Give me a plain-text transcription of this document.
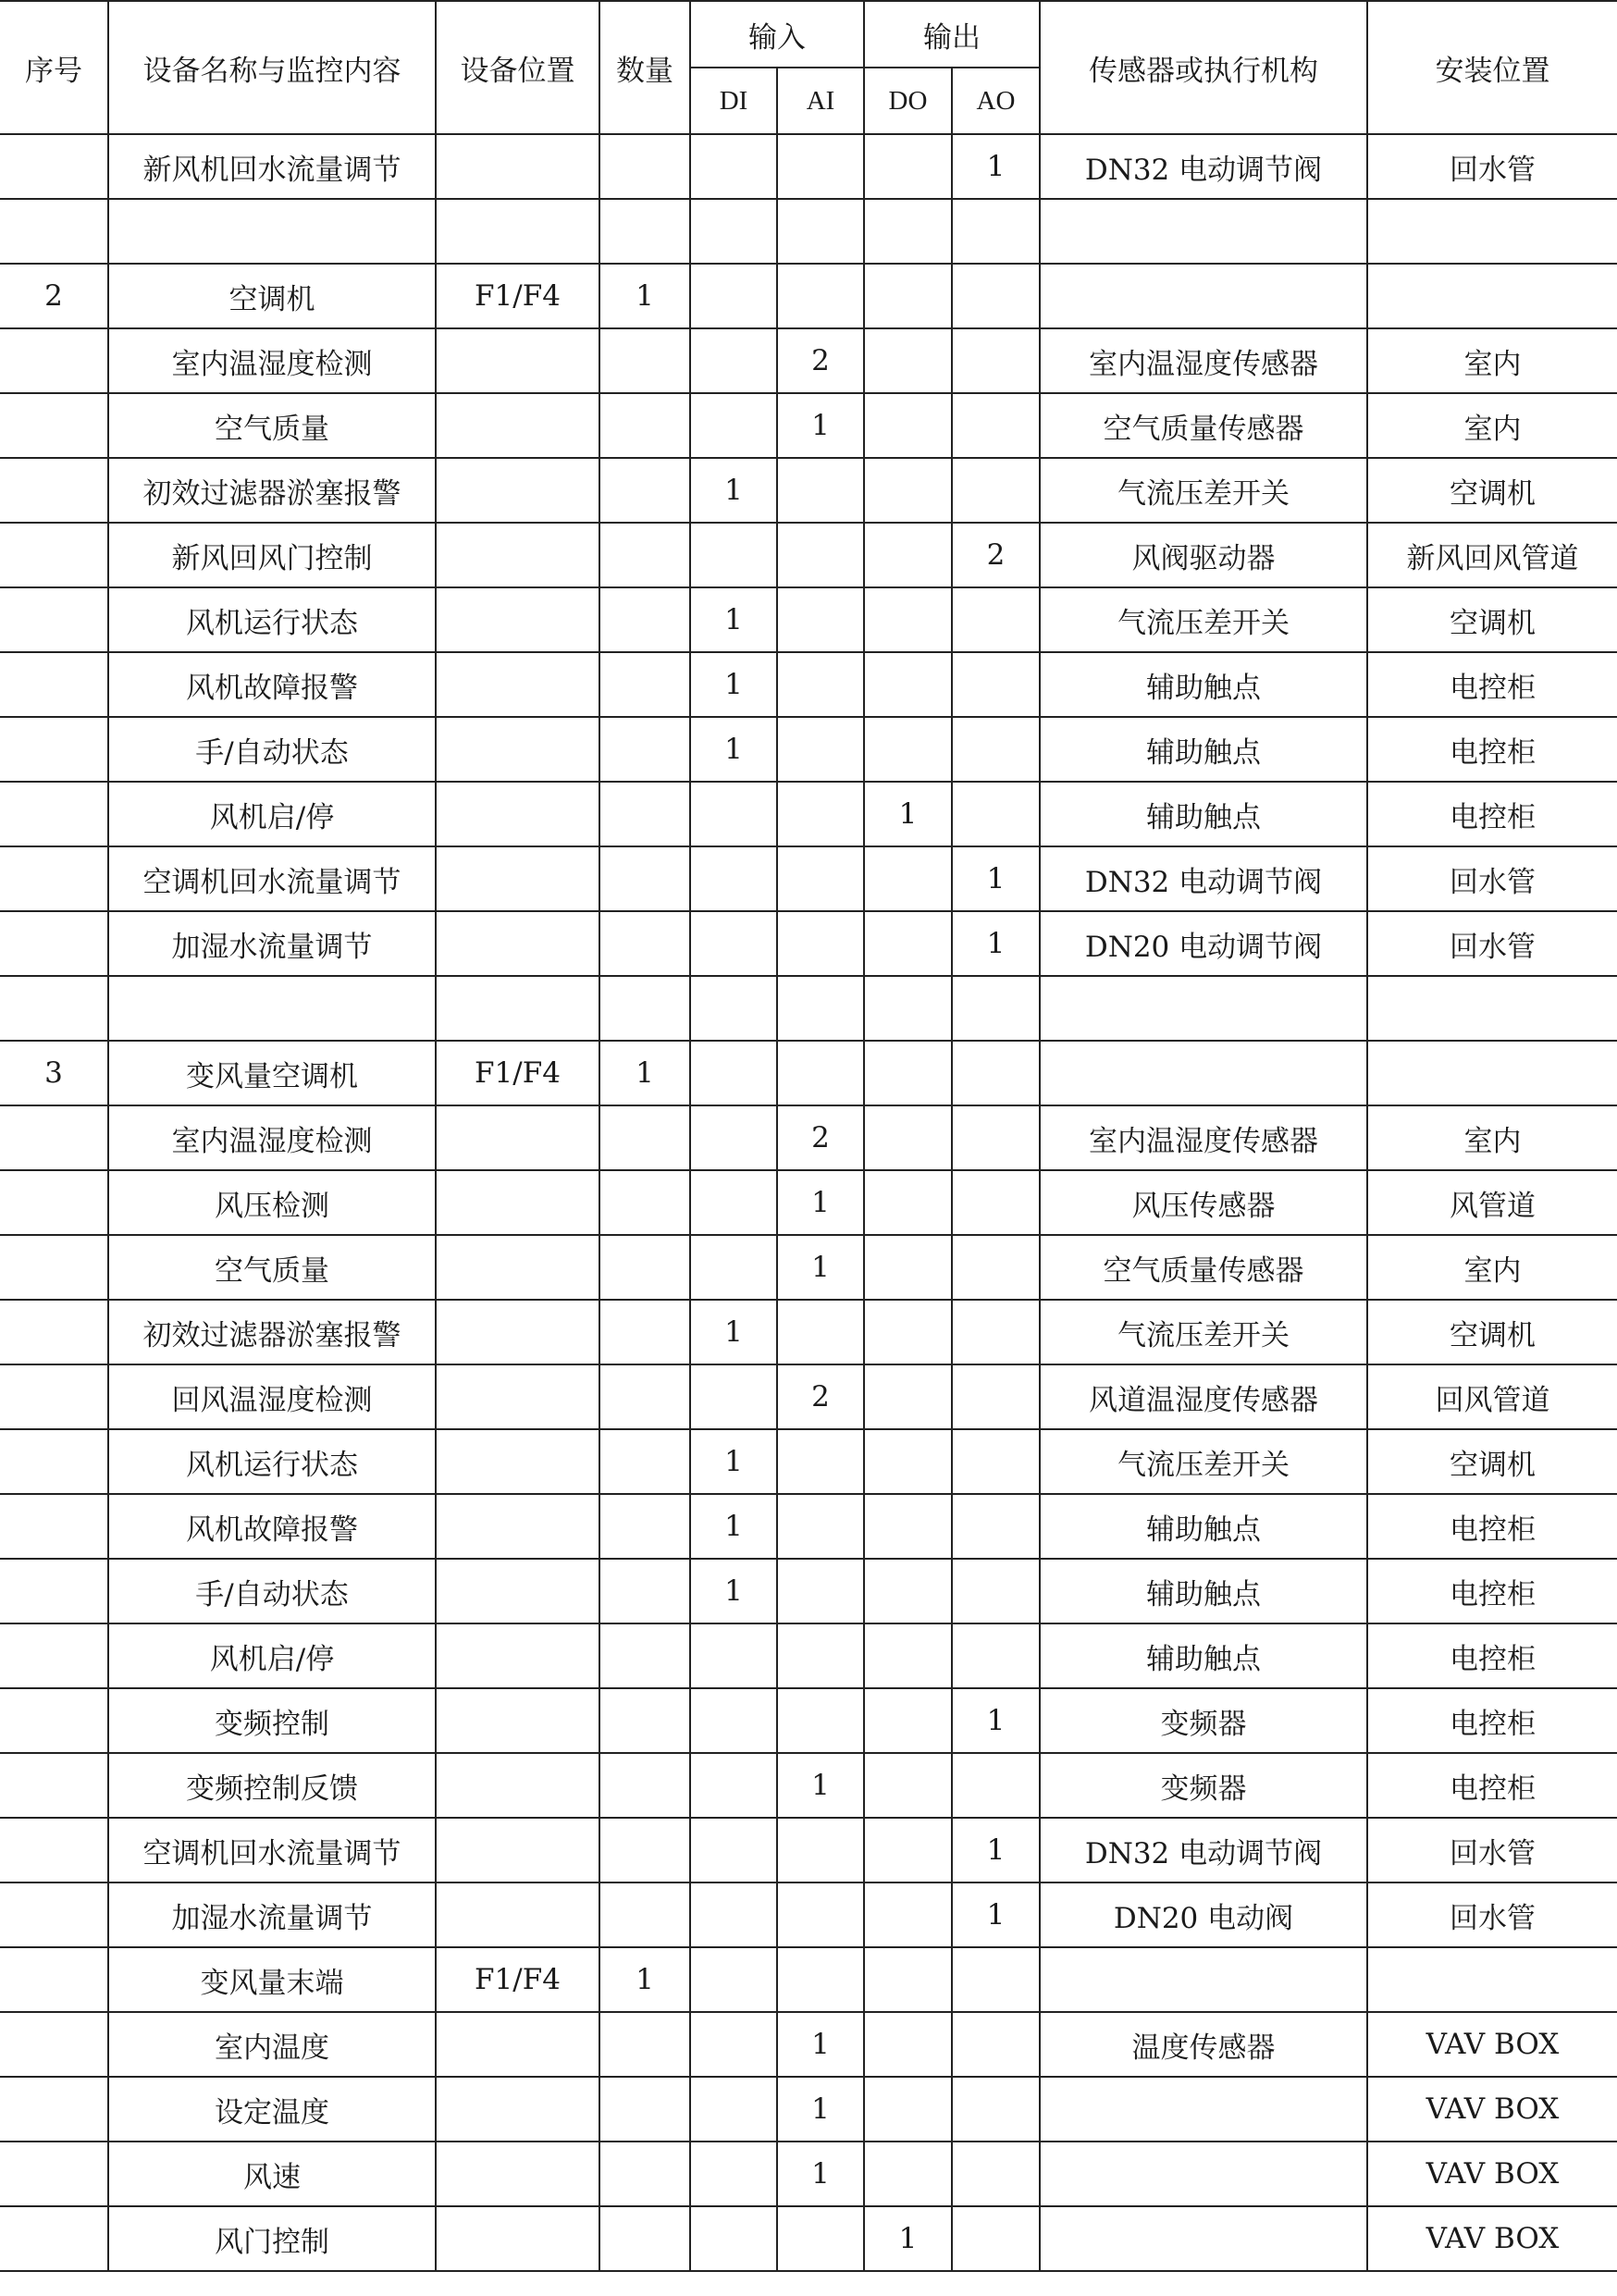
序号	设备名称与监控内容	设备位置	数量	输入		输出		传感器或执行机构	安装位置
				DI	AI	DO	AO		
	新风机回水流量调节						1	DN32 电动调节阀	回水管

2	空调机	F1/F4	1						
	室内温湿度检测				2			室内温湿度传感器	室内
	空气质量				1			空气质量传感器	室内
	初效过滤器淤塞报警			1				气流压差开关	空调机
	新风回风门控制						2	风阀驱动器	新风回风管道
	风机运行状态			1				气流压差开关	空调机
	风机故障报警			1				辅助触点	电控柜
	手/自动状态			1				辅助触点	电控柜
	风机启/停					1		辅助触点	电控柜
	空调机回水流量调节						1	DN32 电动调节阀	回水管
	加湿水流量调节						1	DN20 电动调节阀	回水管

3	变风量空调机	F1/F4	1						
	室内温湿度检测				2			室内温湿度传感器	室内
	风压检测				1			风压传感器	风管道
	空气质量				1			空气质量传感器	室内
	初效过滤器淤塞报警			1				气流压差开关	空调机
	回风温湿度检测				2			风道温湿度传感器	回风管道
	风机运行状态			1				气流压差开关	空调机
	风机故障报警			1				辅助触点	电控柜
	手/自动状态			1				辅助触点	电控柜
	风机启/停							辅助触点	电控柜
	变频控制						1	变频器	电控柜
	变频控制反馈				1			变频器	电控柜
	空调机回水流量调节						1	DN32 电动调节阀	回水管
	加湿水流量调节						1	DN20 电动阀	回水管
	变风量末端	F1/F4	1						
	室内温度				1			温度传感器	VAV BOX
	设定温度				1				VAV BOX
	风速				1				VAV BOX
	风门控制					1			VAV BOX
